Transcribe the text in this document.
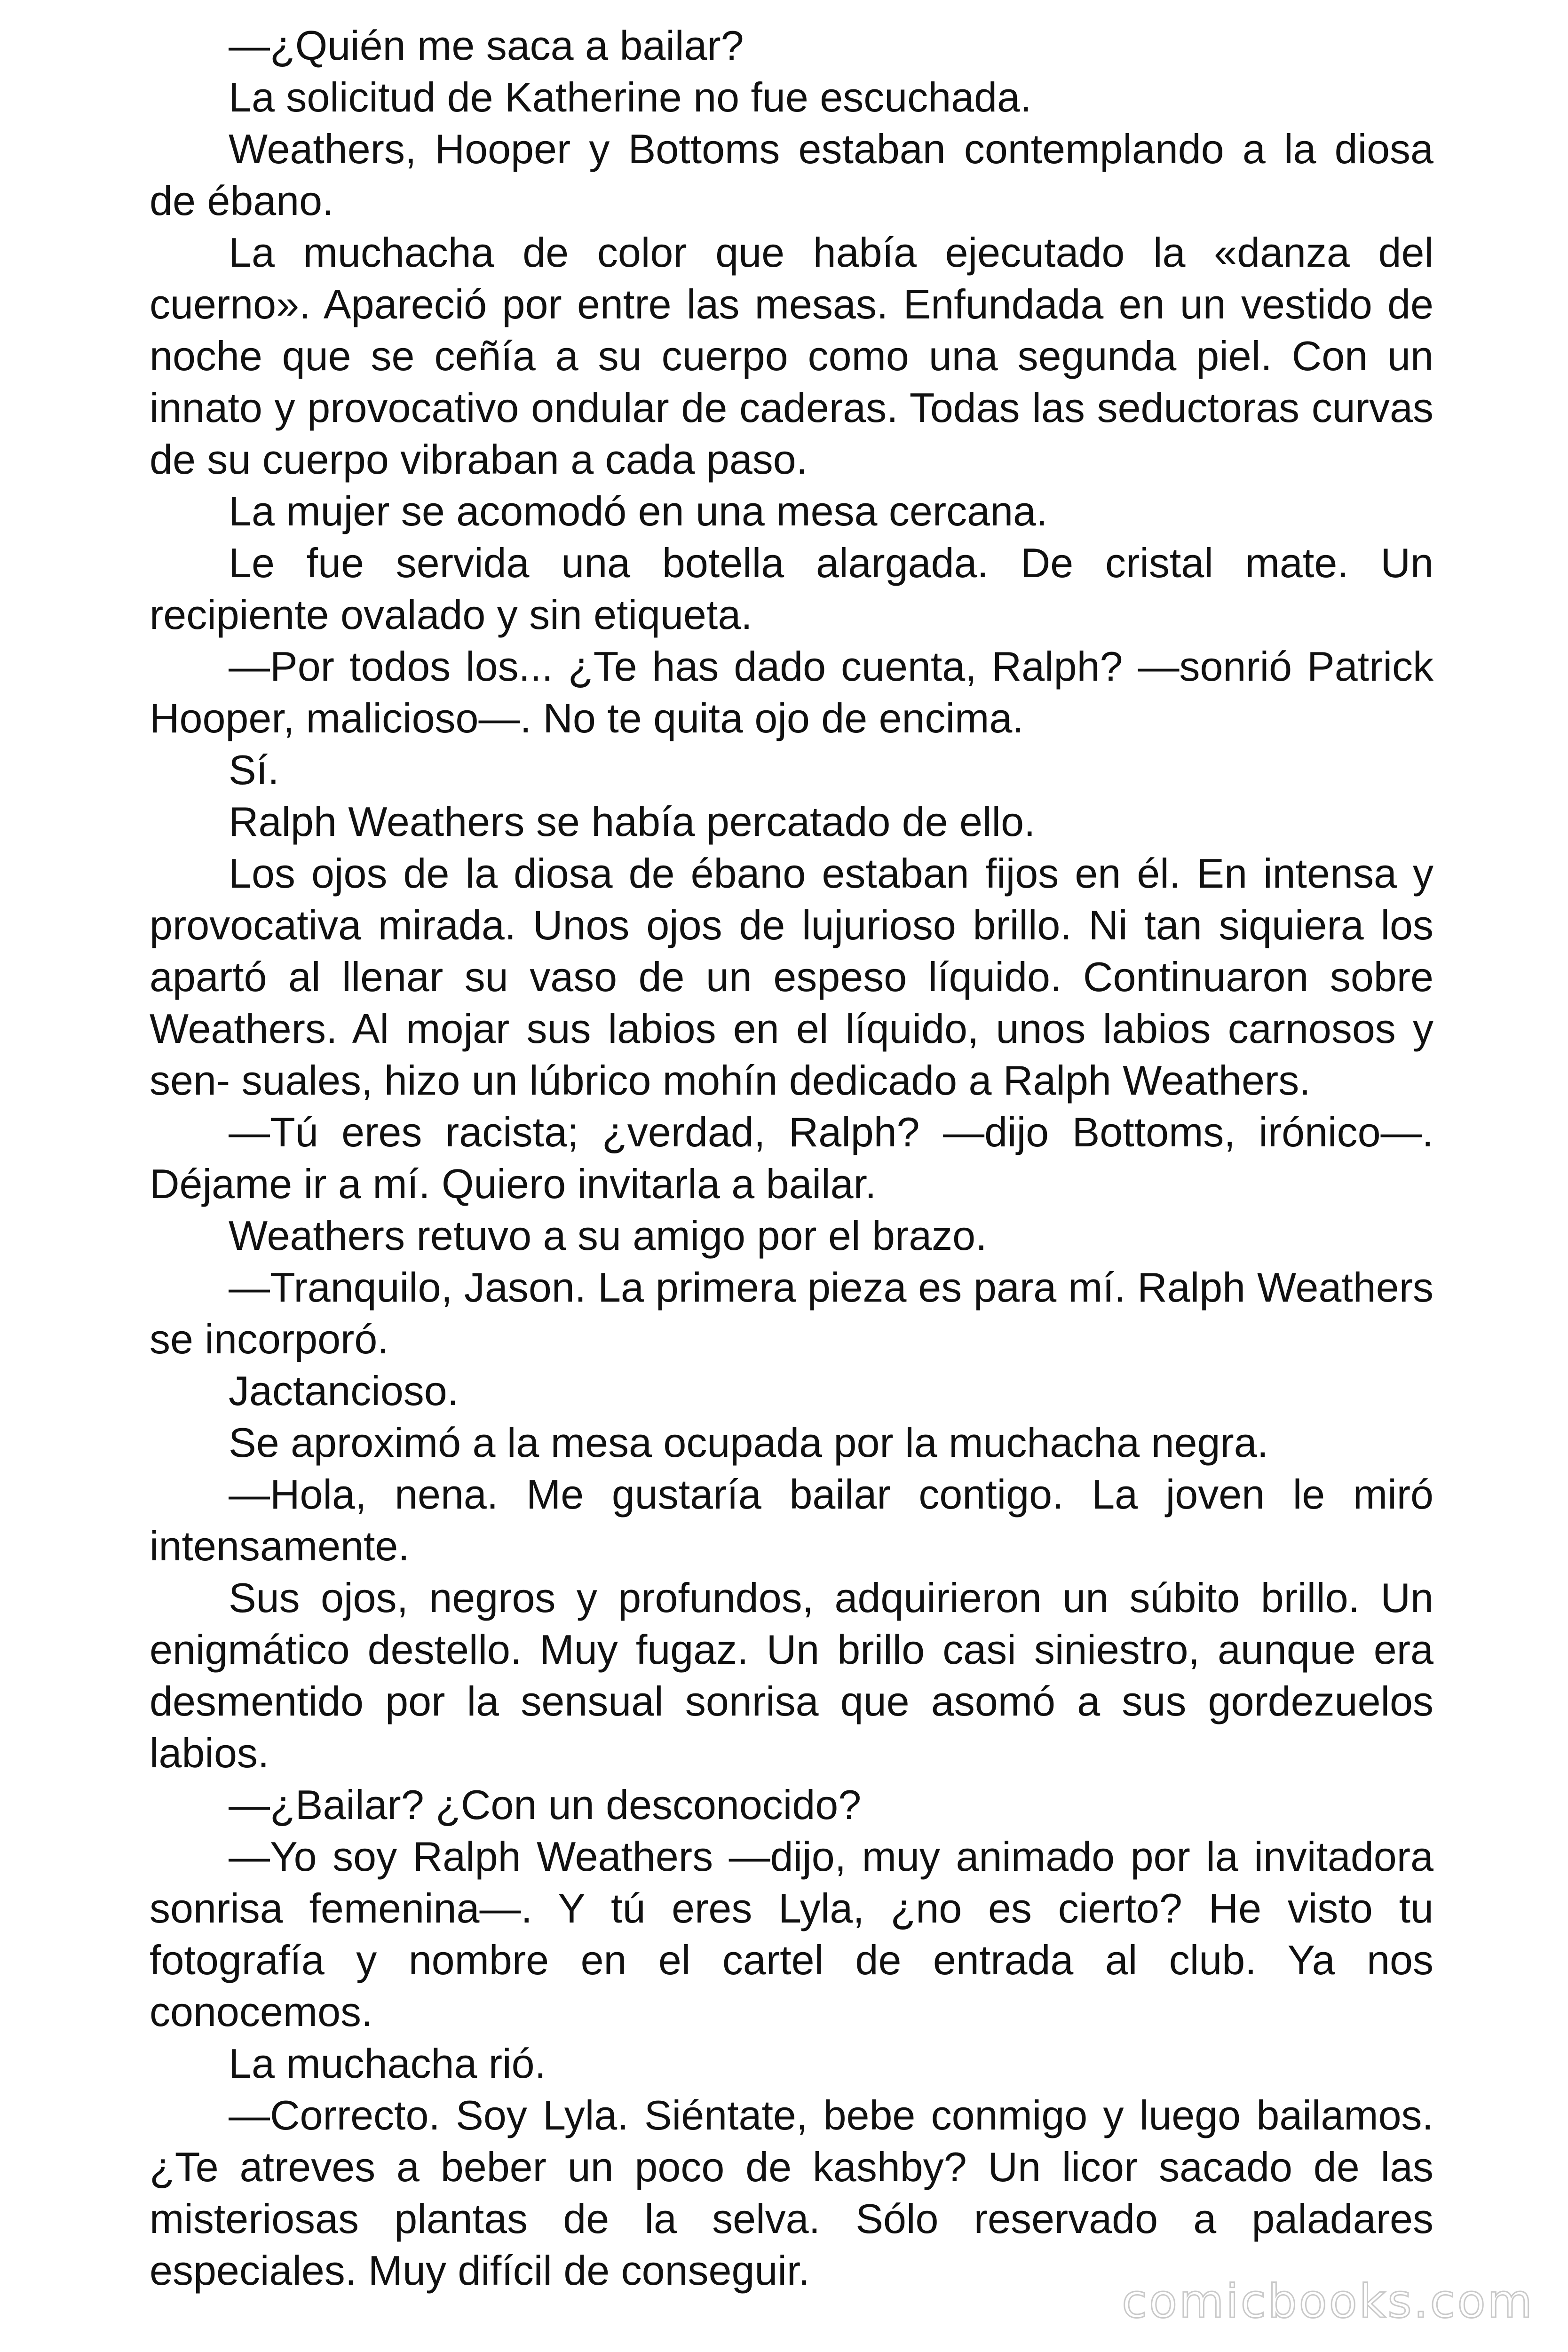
—¿Quién me saca a bailar?

La solicitud de Katherine no fue escuchada.

Weathers, Hooper y Bottoms estaban contemplando a la diosa de ébano.

La muchacha de color que había ejecutado la «danza del cuerno». Apareció por entre las mesas. Enfundada en un vestido de noche que se ceñía a su cuerpo como una segunda piel. Con un innato y provocativo ondular de caderas. Todas las seductoras curvas de su cuerpo vibraban a cada paso.

La mujer se acomodó en una mesa cercana.

Le fue servida una botella alargada. De cristal mate. Un recipiente ovalado y sin etiqueta.

—Por todos los... ¿Te has dado cuenta, Ralph? —sonrió Patrick Hooper, malicioso—. No te quita ojo de encima.

Sí.

Ralph Weathers se había percatado de ello.

Los ojos de la diosa de ébano estaban fijos en él. En intensa y provocativa mirada. Unos ojos de lujurioso brillo. Ni tan siquiera los apartó al llenar su vaso de un espeso líquido. Continuaron sobre Weathers. Al mojar sus labios en el líquido, unos labios carnosos y sen- suales, hizo un lúbrico mohín dedicado a Ralph Weathers.

—Tú eres racista; ¿verdad, Ralph? —dijo Bottoms, irónico—. Déjame ir a mí. Quiero invitarla a bailar.

Weathers retuvo a su amigo por el brazo.

—Tranquilo, Jason. La primera pieza es para mí. Ralph Weathers se incorporó.

Jactancioso.

Se aproximó a la mesa ocupada por la muchacha negra.

—Hola, nena. Me gustaría bailar contigo. La joven le miró intensamente.

Sus ojos, negros y profundos, adquirieron un súbito brillo. Un enigmático destello. Muy fugaz. Un brillo casi siniestro, aunque era desmentido por la sensual sonrisa que asomó a sus gordezuelos labios.

—¿Bailar? ¿Con un desconocido?

—Yo soy Ralph Weathers —dijo, muy animado por la invitadora sonrisa femenina—. Y tú eres Lyla, ¿no es cierto? He visto tu fotografía y nombre en el cartel de entrada al club. Ya nos conocemos.

La muchacha rió.

—Correcto. Soy Lyla. Siéntate, bebe conmigo y luego bailamos. ¿Te atreves a beber un poco de kashby? Un licor sacado de las misteriosas plantas de la selva. Sólo reservado a paladares especiales. Muy difícil de conseguir.

comicbooks.com
